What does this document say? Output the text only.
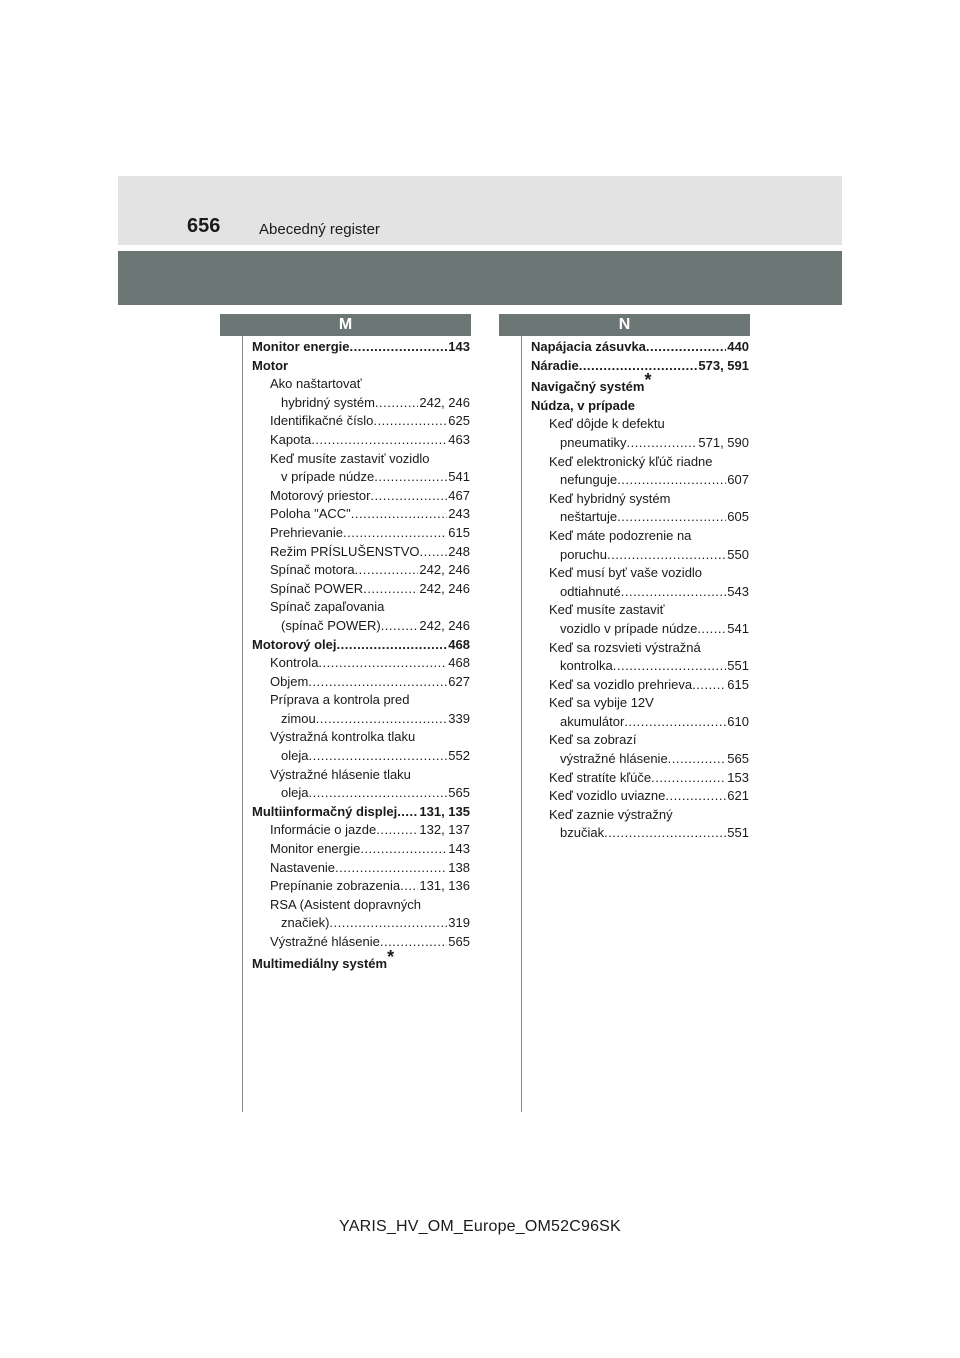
656	Abecedný register
M	N
Monitor energie .....	143
Motor
Ako naštartovať
hybridný systém .....	242, 246
Identifikačné číslo .....	625
Kapota .....	463
Keď musíte zastaviť vozidlo
v prípade núdze .....	541
Motorový priestor .....	467
Poloha "ACC" .....	243
Prehrievanie .....	615
Režim PRÍSLUŠENSTVO ..... 248
Spínač motora .....	242, 246
Spínač POWER .....	242, 246
Spínač zapaľovania
(spínač POWER) .....	242, 246
Motorový olej .....	468
Kontrola .....	468
Objem .....	627
Príprava a kontrola pred
zimou .....	339
Výstražná kontrolka tlaku
oleja .....	552
Výstražné hlásenie tlaku
oleja .....	565
Multiinformačný displej ..... 131, 135
Informácie o jazde .....	132, 137
Monitor energie .....	143
Nastavenie .....	138
Prepínanie zobrazenia ..... 131, 136
RSA (Asistent dopravných
značiek) .....	319
Výstražné hlásenie .....	565
Multimediálny systém*
Napájacia zásuvka .....	440
Náradie .....	573, 591
Navigačný systém*
Núdza, v prípade
Keď dôjde k defektu
pneumatiky .....	571, 590
Keď elektronický kľúč riadne
nefunguje .....	607
Keď hybridný systém
neštartuje .....	605
Keď máte podozrenie na
poruchu .....	550
Keď musí byť vaše vozidlo
odtiahnuté .....	543
Keď musíte zastaviť
vozidlo v prípade núdze ..... 541
Keď sa rozsvieti výstražná
kontrolka .....	551
Keď sa vozidlo prehrieva .....	615
Keď sa vybije 12V
akumulátor .....	610
Keď sa zobrazí
výstražné hlásenie .....	565
Keď stratíte kľúče .....	153
Keď vozidlo uviazne .....	621
Keď zaznie výstražný
bzučiak .....	551
YARIS_HV_OM_Europe_OM52C96SK
